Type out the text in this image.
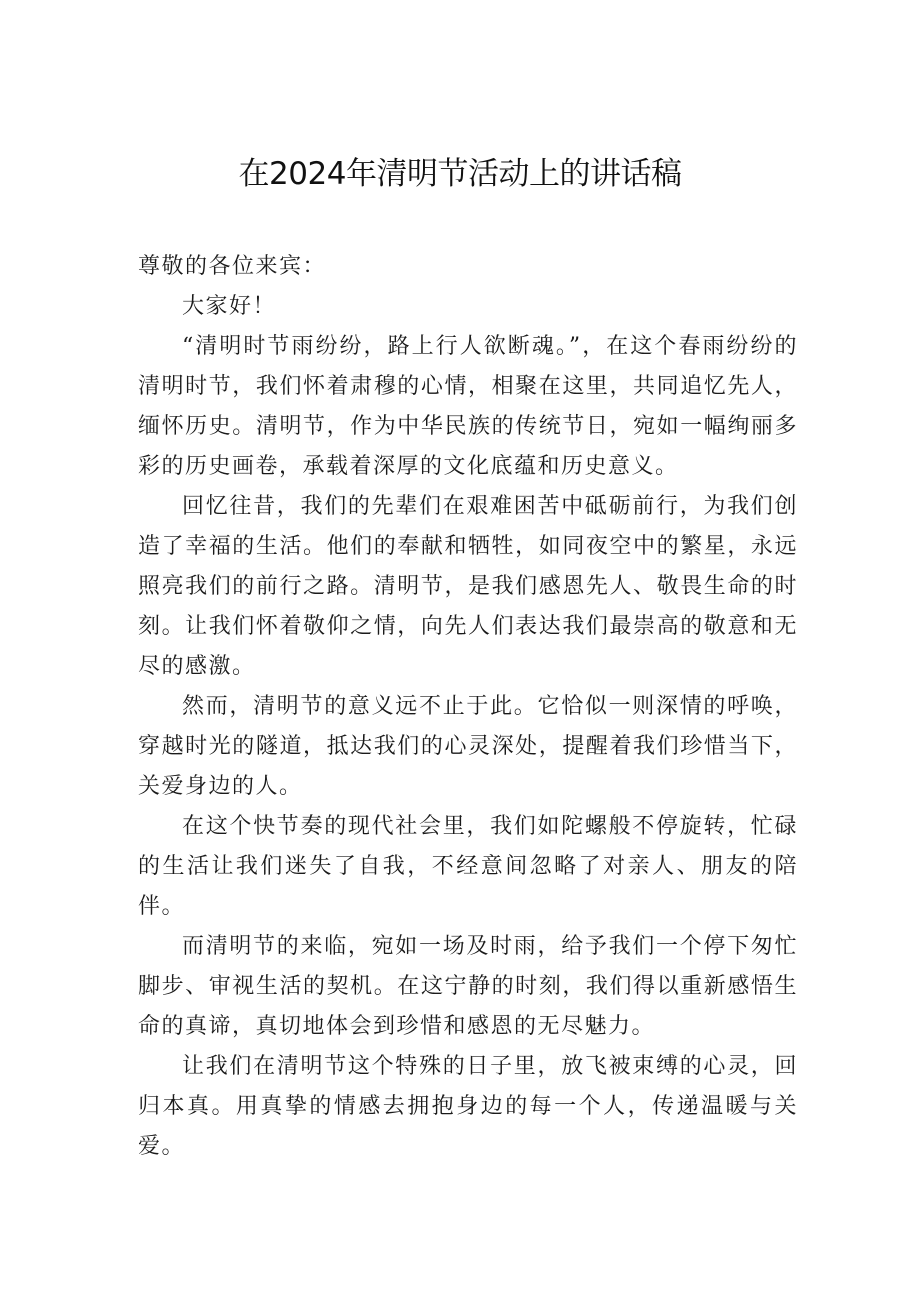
在2024年清明节活动上的讲话稿

尊敬的各位来宾：

大家好！

“清明时节雨纷纷，路上行人欲断魂。”，在这个春雨纷纷的清明时节，我们怀着肃穆的心情，相聚在这里，共同追忆先人，缅怀历史。清明节，作为中华民族的传统节日，宛如一幅绚丽多彩的历史画卷，承载着深厚的文化底蕴和历史意义。

回忆往昔，我们的先辈们在艰难困苦中砥砺前行，为我们创造了幸福的生活。他们的奉献和牺牲，如同夜空中的繁星，永远照亮我们的前行之路。清明节，是我们感恩先人、敬畏生命的时刻。让我们怀着敬仰之情，向先人们表达我们最崇高的敬意和无尽的感激。

然而，清明节的意义远不止于此。它恰似一则深情的呼唤，穿越时光的隧道，抵达我们的心灵深处，提醒着我们珍惜当下，关爱身边的人。

在这个快节奏的现代社会里，我们如陀螺般不停旋转，忙碌的生活让我们迷失了自我，不经意间忽略了对亲人、朋友的陪伴。

而清明节的来临，宛如一场及时雨，给予我们一个停下匆忙脚步、审视生活的契机。在这宁静的时刻，我们得以重新感悟生命的真谛，真切地体会到珍惜和感恩的无尽魅力。

让我们在清明节这个特殊的日子里，放飞被束缚的心灵，回归本真。用真挚的情感去拥抱身边的每一个人，传递温暖与关爱。
